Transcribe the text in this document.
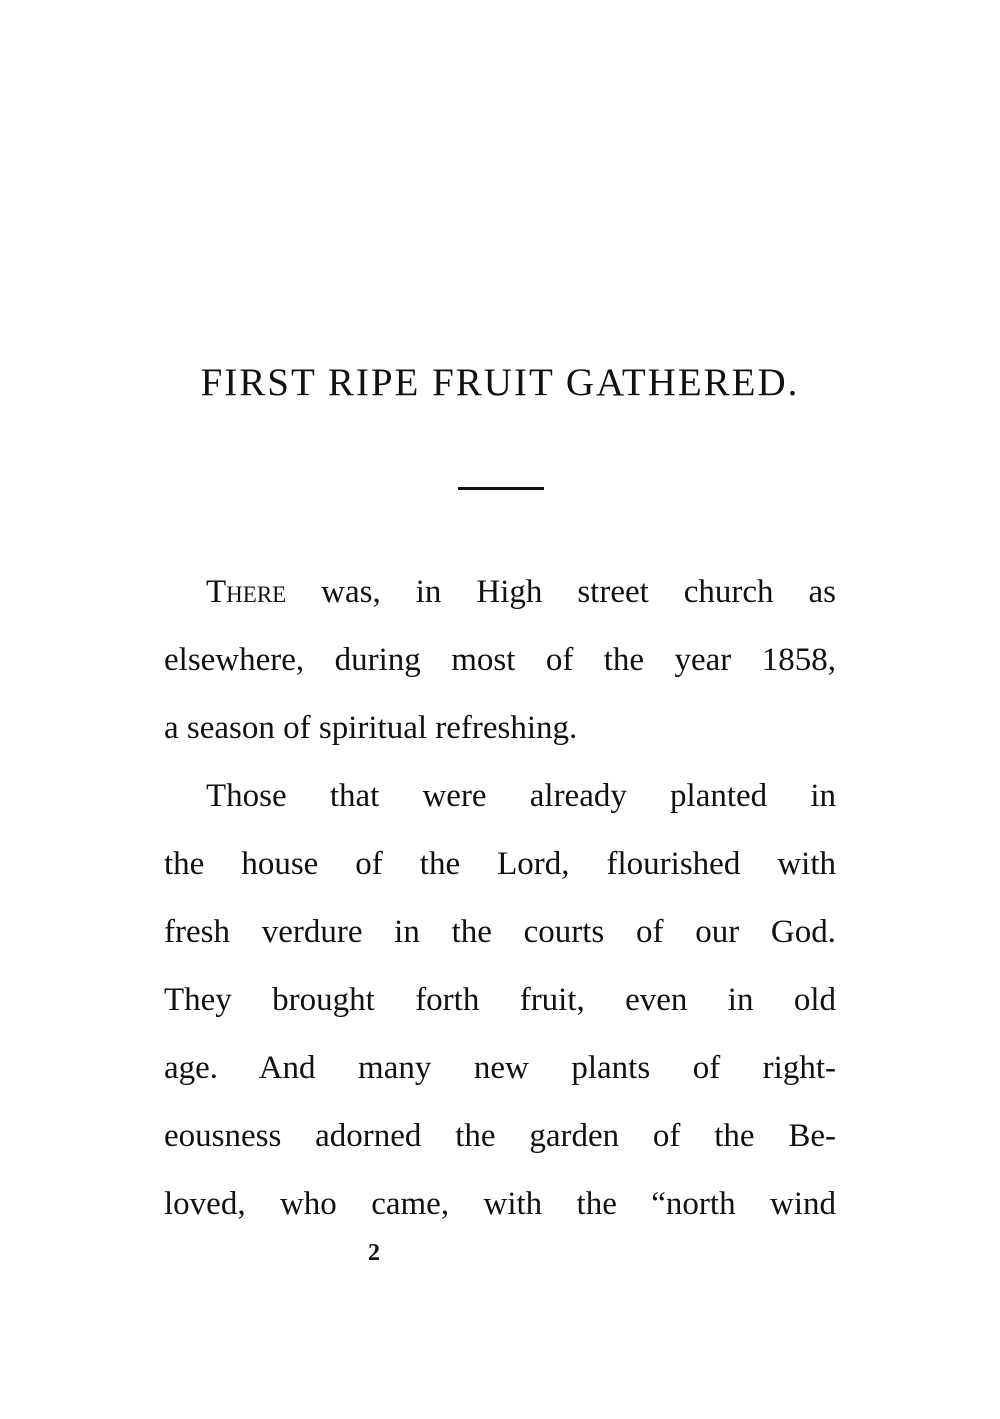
FIRST RIPE FRUIT GATHERED.

There was, in High street church as
elsewhere, during most of the year 1858,
a season of spiritual refreshing.

Those that were already planted in
the house of the Lord, flourished with
fresh verdure in the courts of our God.
They brought forth fruit, even in old
age. And many new plants of right-
eousness adorned the garden of the Be-
loved, who came, with the “north wind

2
